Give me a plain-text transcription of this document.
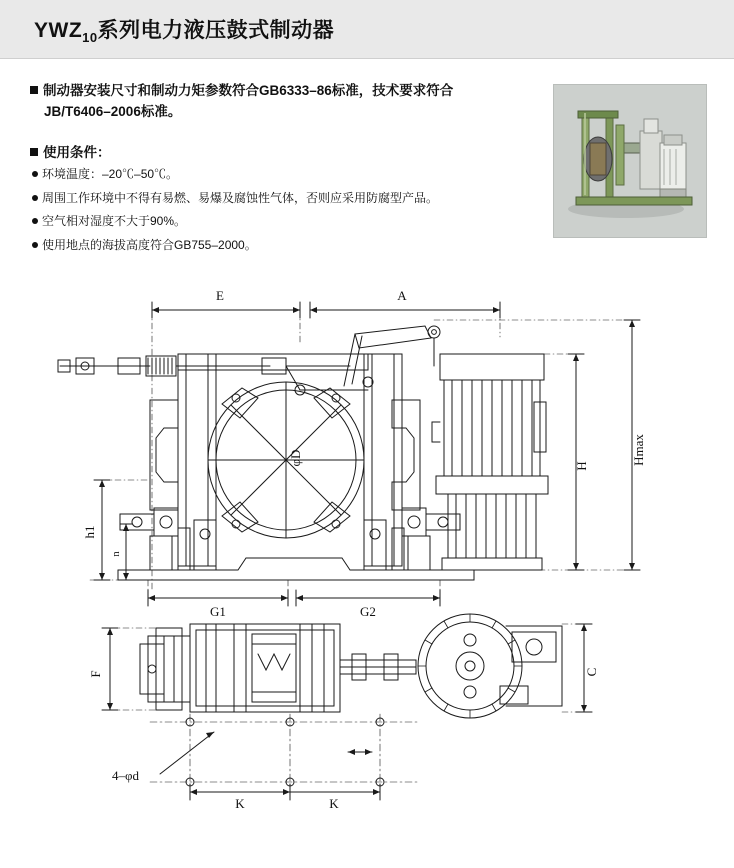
$YWZ_{10}$系列电力液压鼓式制动器
制动器安装尺寸和制动力矩参数符合GB6333–86标准，技术要求符合
JB/T6406–2006标准。
使用条件：
环境温度：–20℃–50℃。
周围工作环境中不得有易燃、易爆及腐蚀性气体，否则应采用防腐型产品。
空气相对湿度不大于90%。
使用地点的海拔高度符合GB755–2000。
E	A
H
Hmax
h1
n
G1	G2
φD
F	C
K	K
4–φd
